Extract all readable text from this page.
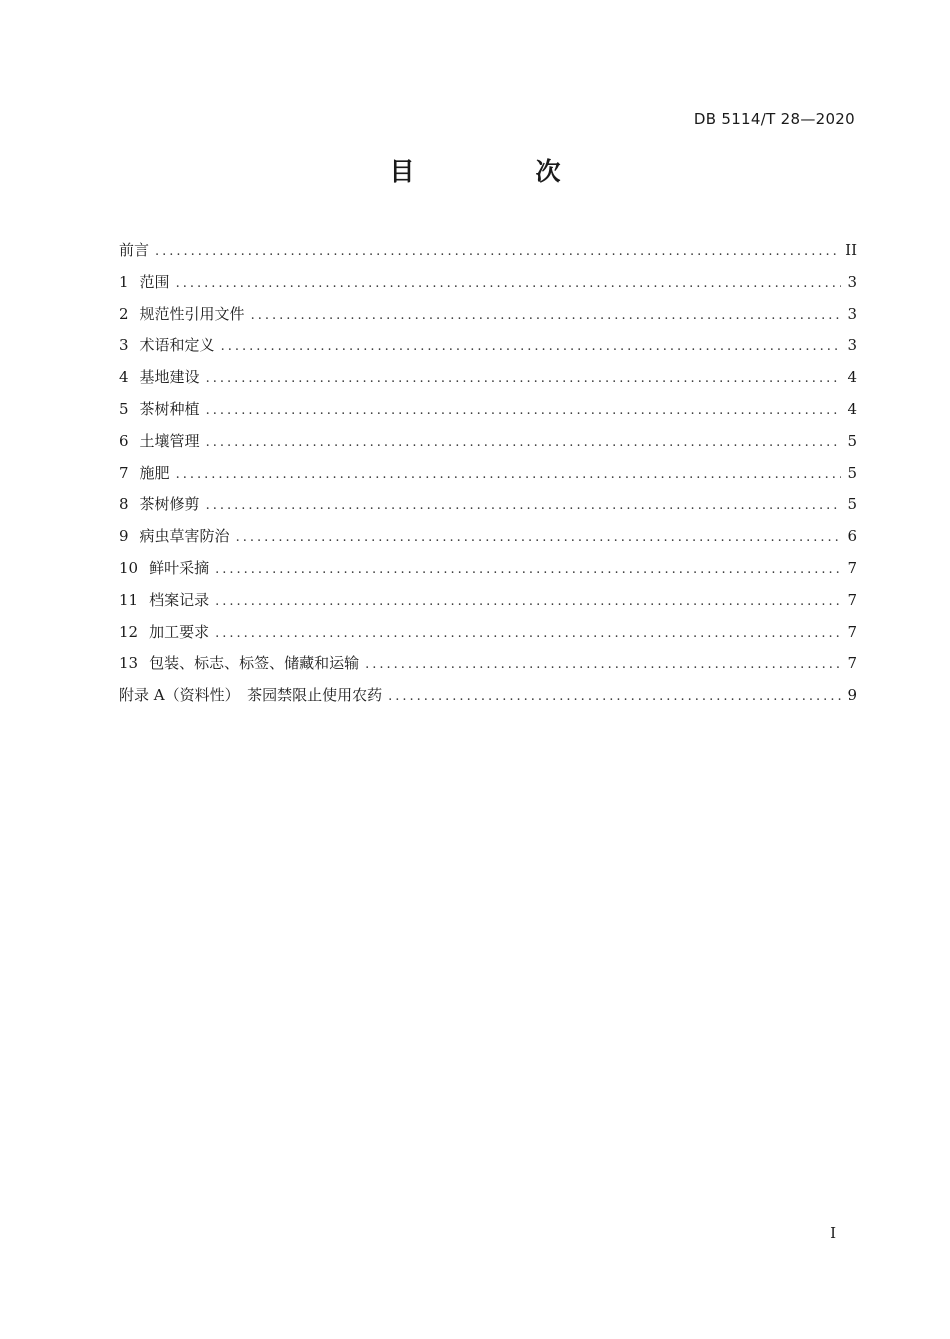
DB 5114/T 28—2020
目　次
前言 .....	II
1 范围 .....	3
2 规范性引用文件 .....	3
3 术语和定义 .....	3
4 基地建设 .....	4
5 茶树种植 .....	4
6 土壤管理 .....	5
7 施肥 .....	5
8 茶树修剪 .....	5
9 病虫草害防治 .....	6
10 鲜叶采摘 .....	7
11 档案记录 .....	7
12 加工要求 .....	7
13 包装、标志、标签、储藏和运输 .....	7
附录 A（资料性）　茶园禁限止使用农药 .....	9
I
